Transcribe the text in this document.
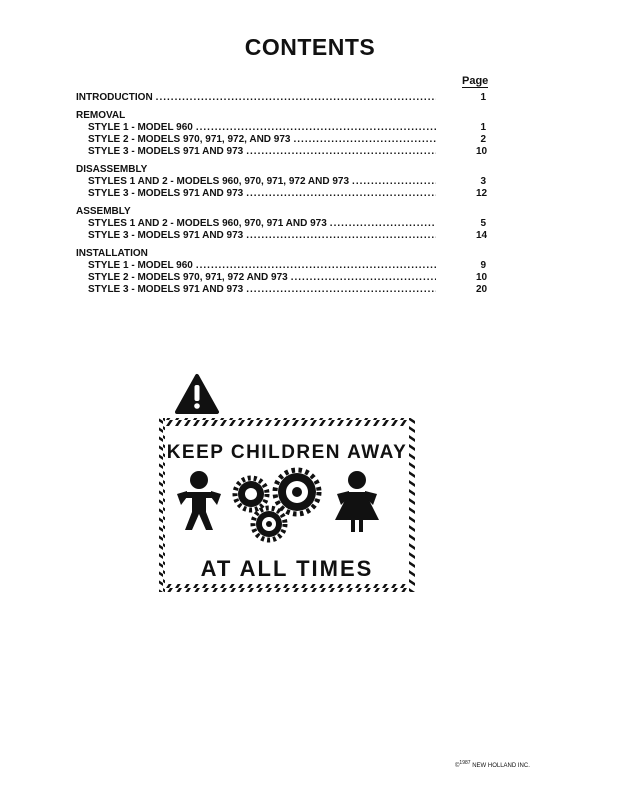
CONTENTS
Page
INTRODUCTION .....	1
REMOVAL
STYLE 1 - MODEL 960 .....	1
STYLE 2 - MODELS 970, 971, 972, AND 973 .....	2
STYLE 3 - MODELS 971 AND 973 .....	10
DISASSEMBLY
STYLES 1 AND 2 - MODELS 960, 970, 971, 972 AND 973 .....	3
STYLE 3 - MODELS 971 AND 973 .....	12
ASSEMBLY
STYLES 1 AND 2 - MODELS 960, 970, 971 AND 973 .....	5
STYLE 3 - MODELS 971 AND 973 .....	14
INSTALLATION
STYLE 1 - MODEL 960 .....	9
STYLE 2 - MODELS 970, 971, 972 AND 973 .....	10
STYLE 3 - MODELS 971 AND 973 .....	20
KEEP CHILDREN AWAY
AT ALL TIMES
©$^{1987}$ NEW HOLLAND INC.
